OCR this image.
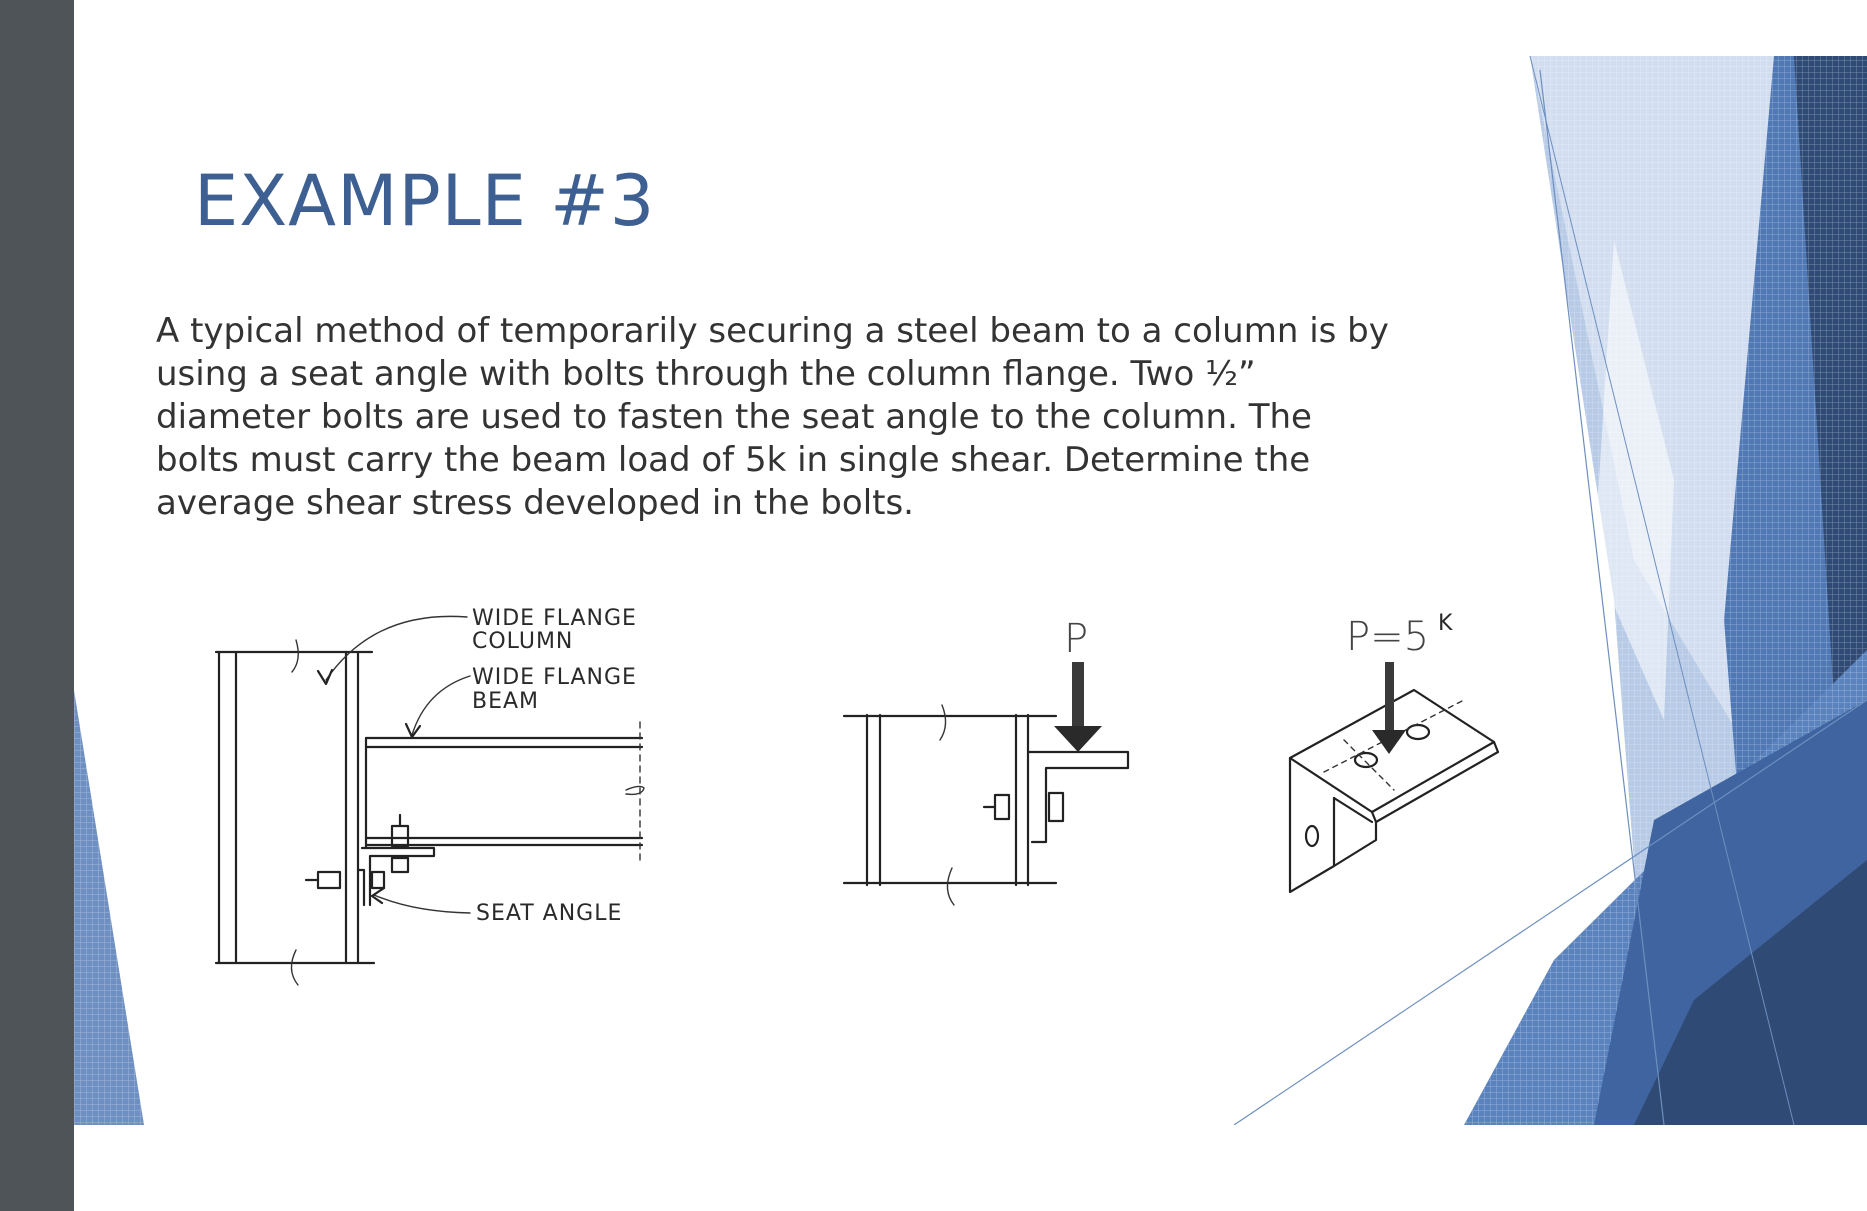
EXAMPLE #3

A typical method of temporarily securing a steel beam to a column is by
using a seat angle with bolts through the column flange. Two ½”
diameter bolts are used to fasten the seat angle to the column. The
bolts must carry the beam load of 5k in single shear. Determine the
average shear stress developed in the bolts.

WIDE FLANGE
COLUMN
WIDE FLANGE
BEAM
SEAT ANGLE
P	P=5 K
